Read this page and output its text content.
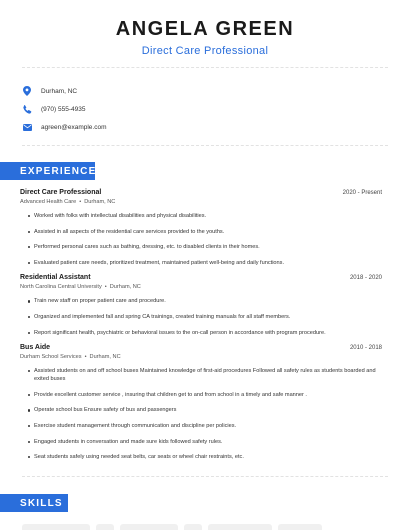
ANGELA GREEN
Direct Care Professional
Durham, NC
(970) 555-4935
agreen@example.com
EXPERIENCE
Direct Care Professional	2020 - Present
Advanced Health Care • Durham, NC
Worked with folks with intellectual disabilities and physical disabilities.
Assisted in all aspects of the residential care services provided to the youths.
Performed personal cares such as bathing, dressing, etc. to disabled clients in their homes.
Evaluated patient care needs, prioritized treatment, maintained patient well-being and daily functions.
Residential Assistant	2018 - 2020
North Carolina Central University • Durham, NC
Train new staff on proper patient care and procedure.
Organized and implemented fall and spring CA trainings, created training manuals for all staff members.
Report significant health, psychiatric or behavioral issues to the on-call person in accordance with program procedure.
Bus Aide	2010 - 2018
Durham School Services • Durham, NC
Assisted students on and off school buses Maintained knowledge of first-aid procedures Followed all safety rules as students boarded and exited buses
Provide excellent customer service , insuring that children get to and from school in a timely and safe manner .
Operate school bus Ensure safety of bus and passengers
Exercise student management through communication and discipline per policies.
Engaged students in conversation and made sure kids followed safety rules.
Seat students safely using needed seat belts, car seats or wheel chair restraints, etc.
SKILLS
